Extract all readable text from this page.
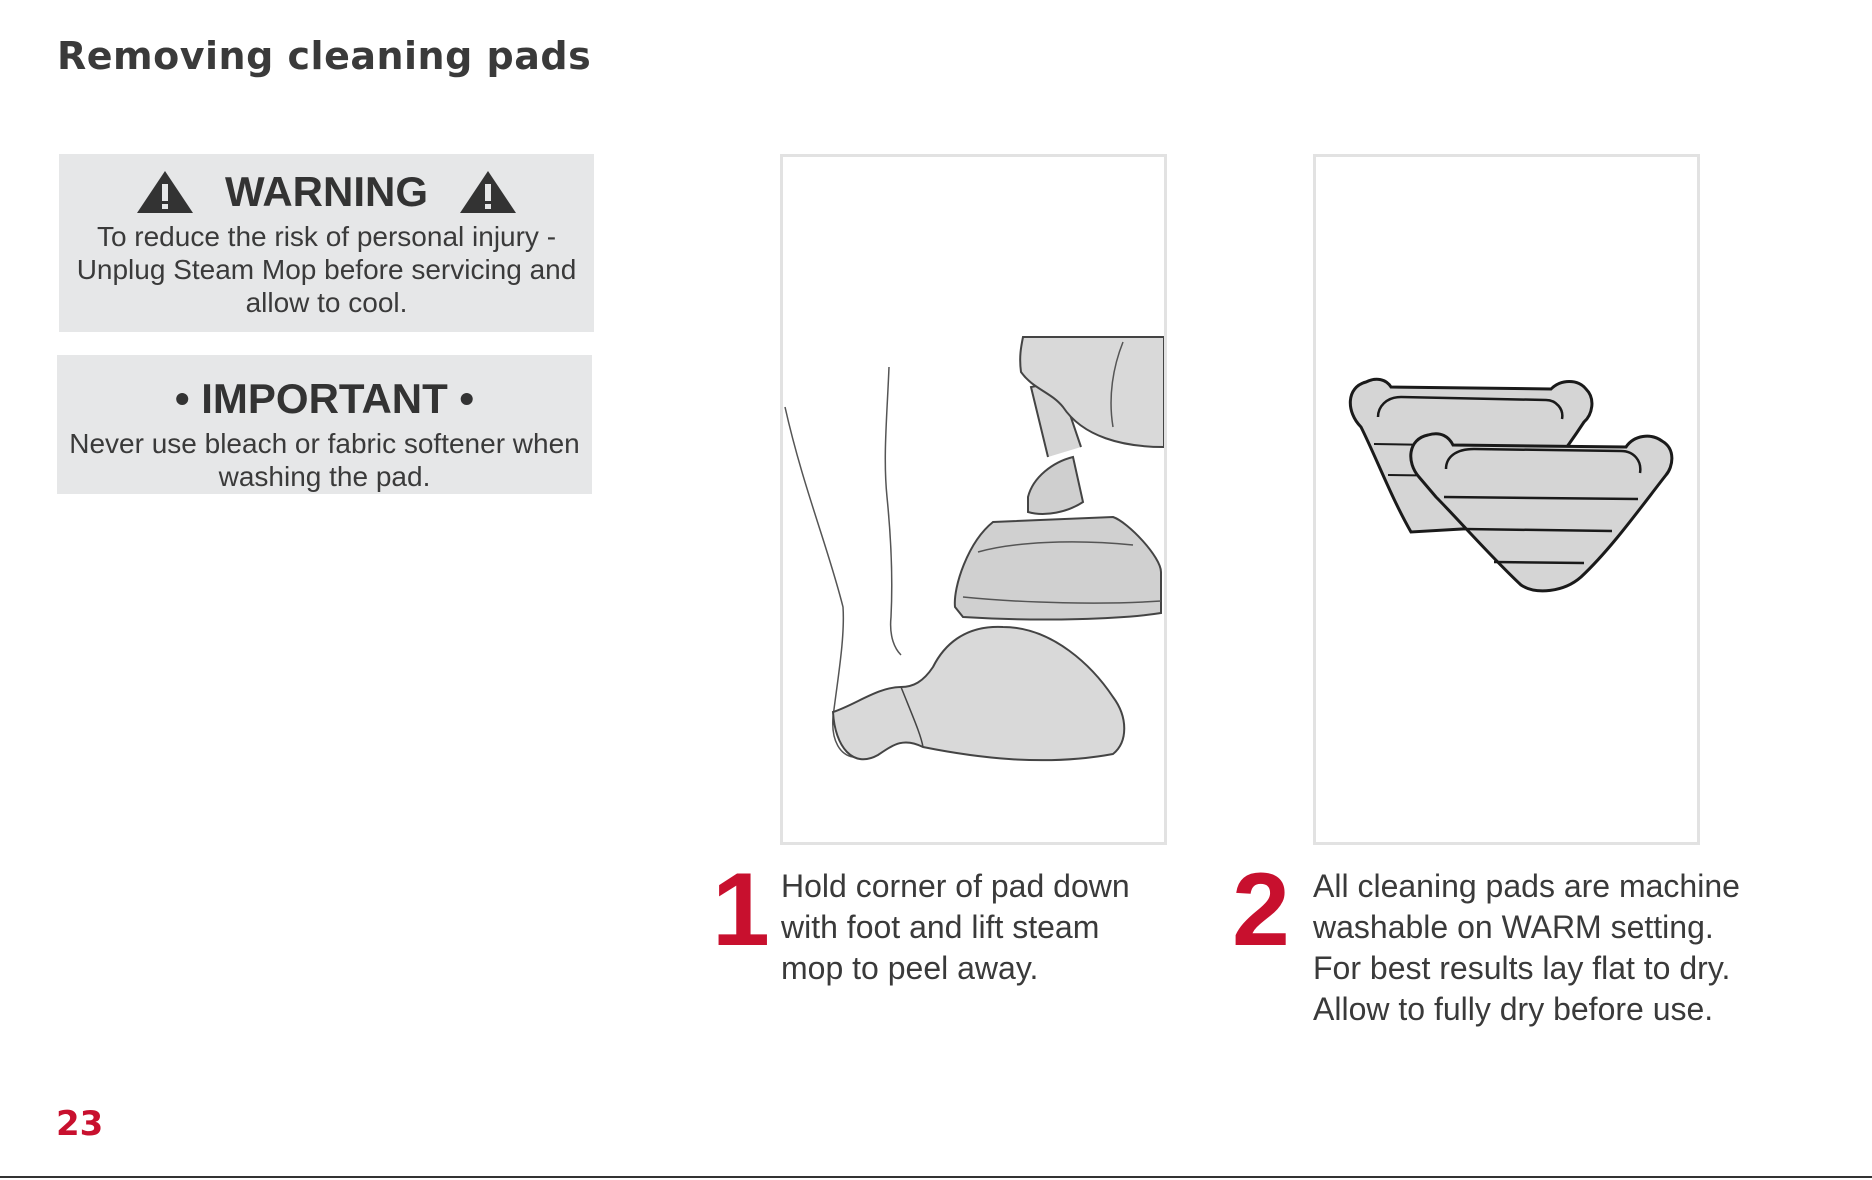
Removing cleaning pads
WARNING
To reduce the risk of personal injury - Unplug Steam Mop before servicing and allow to cool.
• IMPORTANT •
Never use bleach or fabric softener when washing the pad.
1 Hold corner of pad down
with foot and lift steam
mop to peel away.	2 All cleaning pads are machine
washable on WARM setting.
For best results lay flat to dry.
Allow to fully dry before use.
23
